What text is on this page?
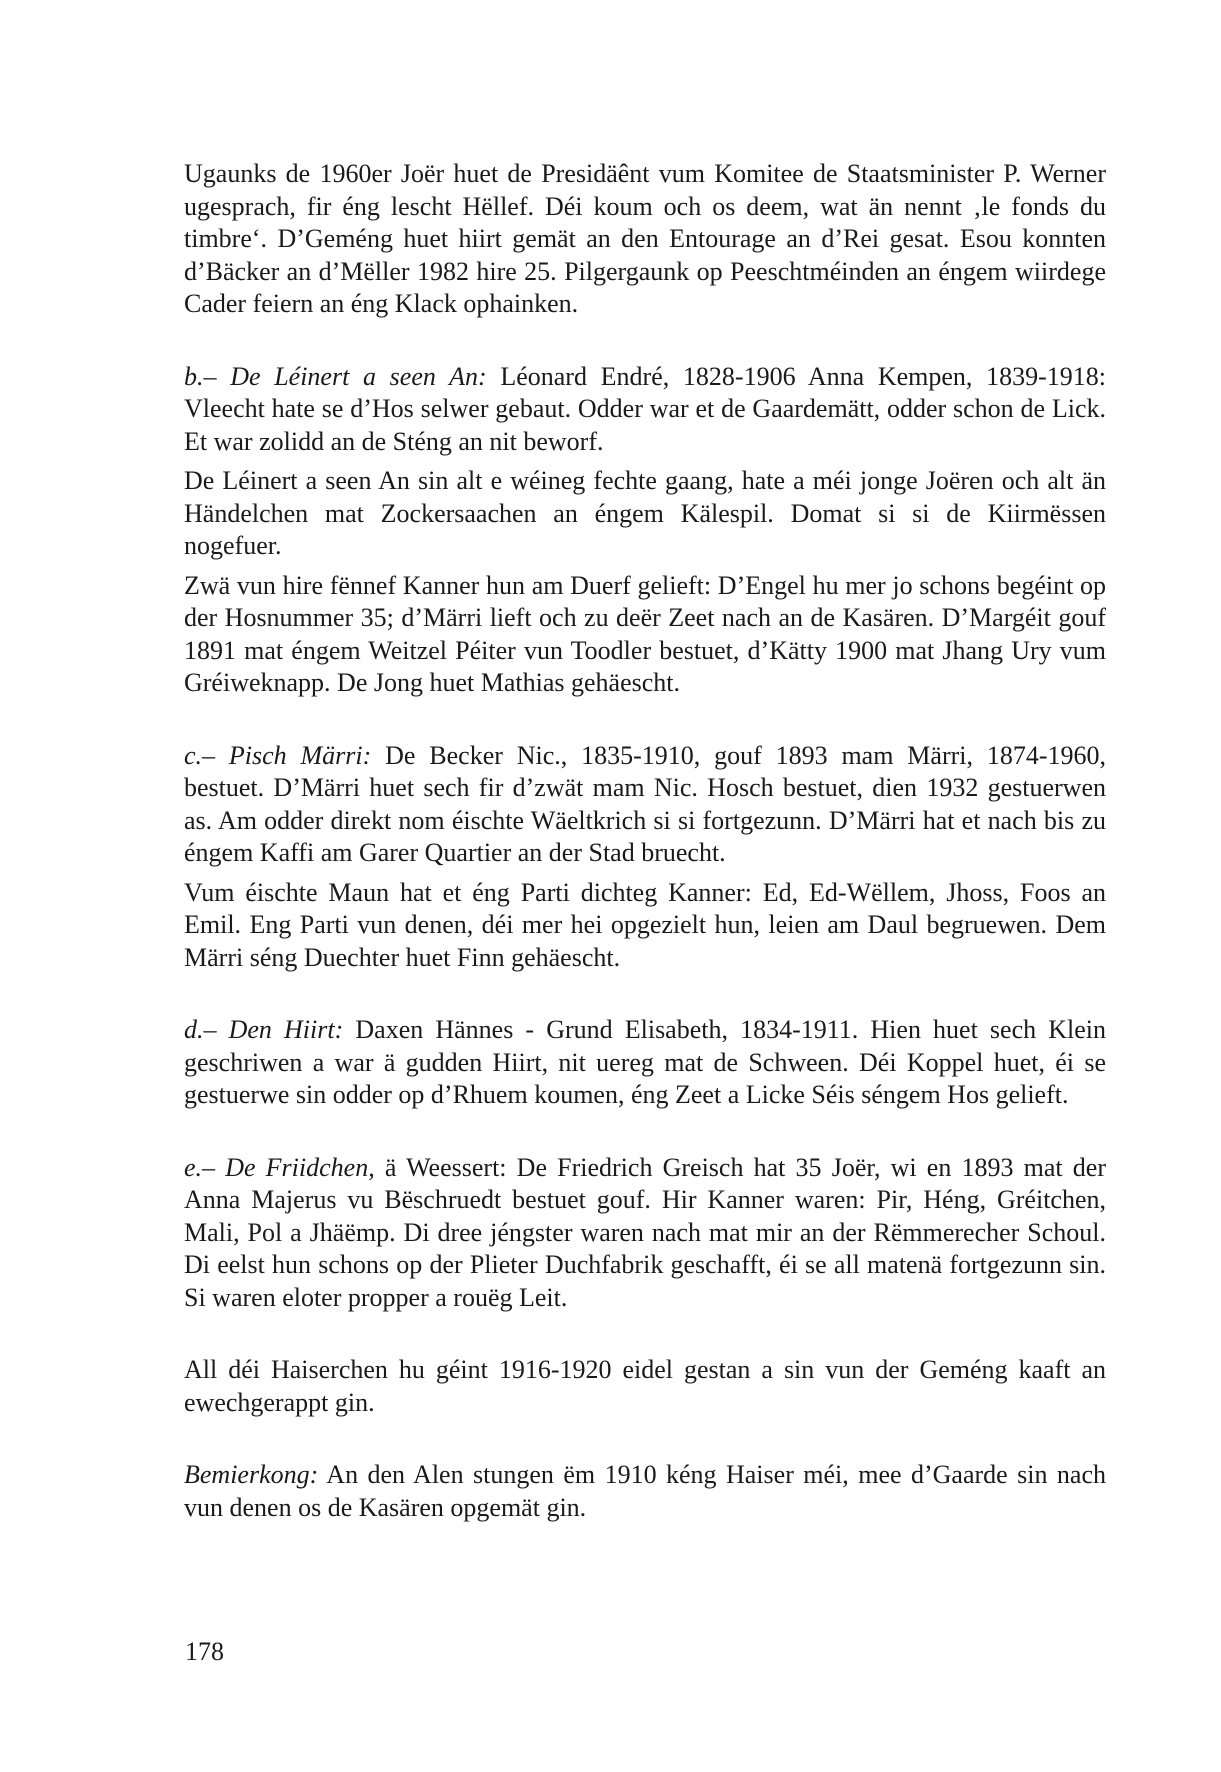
Ugaunks de 1960er Joër huet de Presidäênt vum Komitee de Staatsminister P. Werner ugesprach, fir éng lescht Hëllef. Déi koum och os deem, wat än nennt ‚le fonds du timbre‘. D’Geméng huet hiirt gemät an den Entourage an d’Rei gesat. Esou konnten d’Bäcker an d’Mëller 1982 hire 25. Pilgergaunk op Peeschtméinden an éngem wiirdege Cader feiern an éng Klack ophainken.

b.– De Léinert a seen An: Léonard Endré, 1828-1906 Anna Kempen, 1839-1918: Vleecht hate se d’Hos selwer gebaut. Odder war et de Gaardemätt, odder schon de Lick. Et war zolidd an de Sténg an nit beworf.

De Léinert a seen An sin alt e wéineg fechte gaang, hate a méi jonge Joëren och alt än Händelchen mat Zockersaachen an éngem Kälespil. Domat si si de Kiirmëssen nogefuer.

Zwä vun hire fënnef Kanner hun am Duerf gelieft: D’Engel hu mer jo schons begéint op der Hosnummer 35; d’Märri lieft och zu deër Zeet nach an de Kasären. D’Margéit gouf 1891 mat éngem Weitzel Péiter vun Toodler bestuet, d’Kätty 1900 mat Jhang Ury vum Gréiweknapp. De Jong huet Mathias gehäescht.

c.– Pisch Märri: De Becker Nic., 1835-1910, gouf 1893 mam Märri, 1874-1960, bestuet. D’Märri huet sech fir d’zwät mam Nic. Hosch bestuet, dien 1932 gestuerwen as. Am odder direkt nom éischte Wäeltkrich si si fortgezunn. D’Märri hat et nach bis zu éngem Kaffi am Garer Quartier an der Stad bruecht.

Vum éischte Maun hat et éng Parti dichteg Kanner: Ed, Ed-Wëllem, Jhoss, Foos an Emil. Eng Parti vun denen, déi mer hei opgezielt hun, leien am Daul begruewen. Dem Märri séng Duechter huet Finn gehäescht.

d.– Den Hiirt: Daxen Hännes - Grund Elisabeth, 1834-1911. Hien huet sech Klein geschriwen a war ä gudden Hiirt, nit uereg mat de Schween. Déi Koppel huet, éi se gestuerwe sin odder op d’Rhuem koumen, éng Zeet a Licke Séis séngem Hos gelieft.

e.– De Friidchen, ä Weessert: De Friedrich Greisch hat 35 Joër, wi en 1893 mat der Anna Majerus vu Bëschruedt bestuet gouf. Hir Kanner waren: Pir, Héng, Gréitchen, Mali, Pol a Jhäëmp. Di dree jéngster waren nach mat mir an der Rëmmerecher Schoul. Di eelst hun schons op der Plieter Duchfabrik geschafft, éi se all matenä fortgezunn sin. Si waren eloter propper a rouëg Leit.

All déi Haiserchen hu géint 1916-1920 eidel gestan a sin vun der Geméng kaaft an ewechgerappt gin.

Bemierkong: An den Alen stungen ëm 1910 kéng Haiser méi, mee d’Gaarde sin nach vun denen os de Kasären opgemät gin.

178
